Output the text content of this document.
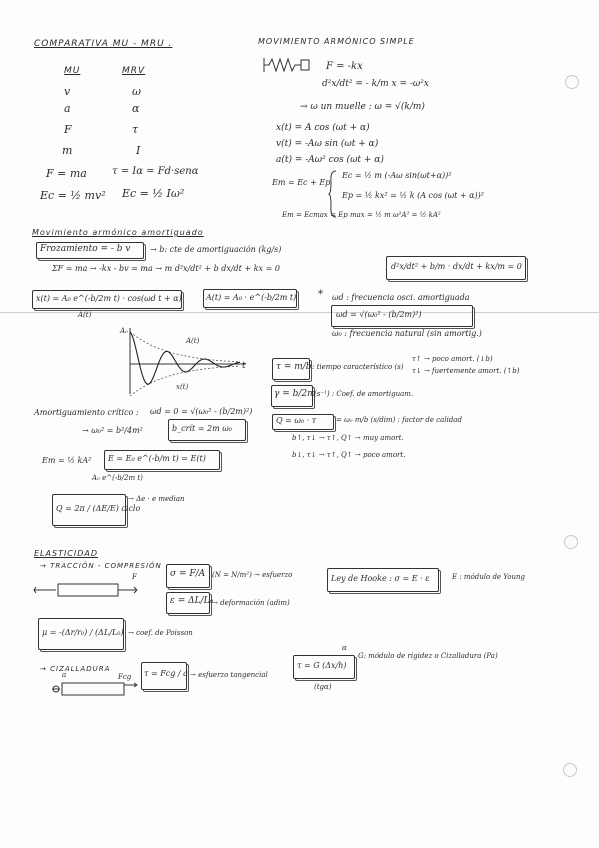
COMPARATIVA MU - MRU .	MOVIMIENTO ARMÓNICO SIMPLE
MU	MRV
v	ω
a	α
F	τ
m	I
F = ma	τ = Iα = Fd·senα
Ec = ½ mv² Ec = ½ Iω²
F = -kx
d²x/dt² = - k/m x = -ω²x
→ ω un muelle : ω = √(k/m)
x(t) = A cos (ωt + α)
v(t) = -Aω sin (ωt + α)
a(t) = -Aω² cos (ωt + α)
Em = Ec + Ep
Ec = ½ m (-Aω sin(ωt+α))²
Ep = ½ kx² = ½ k (A cos (ωt + α))²
Em = Ecmax = Ep max = ½ m ω²A² = ½ kA²
Movimiento armónico amortiguado
Frozamiento = - b v → b: cte de amortiguación (kg/s)
ΣF = ma → -kx - bv = ma → m d²x/dt² + b dx/dt + kx = 0	d²x/dt² + b/m · dx/dt + kx/m = 0
x(t) = A₀ e^(-b/2m t) · cos(ωd t + α)
A(t)
A(t) = A₀ · e^(-b/2m t) * ωd : frecuencia osci. amortiguada
ωd = √(ω₀² - (b/2m)²)
ω₀ : frecuencia natural (sin amortig.)
A₀
A(t)
x(t)
t	τ = m/b : tiempo característico (s)
τ↑ → poco amort. (↓b)
τ↓ → fuertemente amort. (↑b)
γ = b/2m
(s⁻¹) : Coef. de amortiguam.
Q = ω₀ · τ	= ω₀ m/b (s/dim) : factor de calidad
b↑, τ↓ → τ↑, Q↑ → muy amort.
b↓, τ↓ → τ↑, Q↑ → poco amort.
Amortiguamiento crítico : ωd = 0 = √(ω₀² - (b/2m)²)
→ ω₀² = b²/4m²	b_crít = 2m ω₀
Em = ½ kA² E = E₀ e^(-b/m t) = E(t)
A₀ e^(-b/2m t)
Q = 2π / (ΔE/E) ciclo
→ Δe · e median
ELASTICIDAD
→ TRACCIÓN - COMPRESIÓN
F	σ = F/A (N = N/m²) → esfuerzo
ε = ΔL/L₀
→ deformación (adim)
Ley de Hooke : σ = E · ε	E : módulo de Young
μ = -(Δr/r₀) / (ΔL/L₀) → coef. de Poisson
→ CIZALLADURA
a	Fcg τ = Fcg / a → esfuerzo tangencial
α
τ = G (Δx/h)
G: módulo de rigidez o Cizalladura (Pa)
(tgα)
